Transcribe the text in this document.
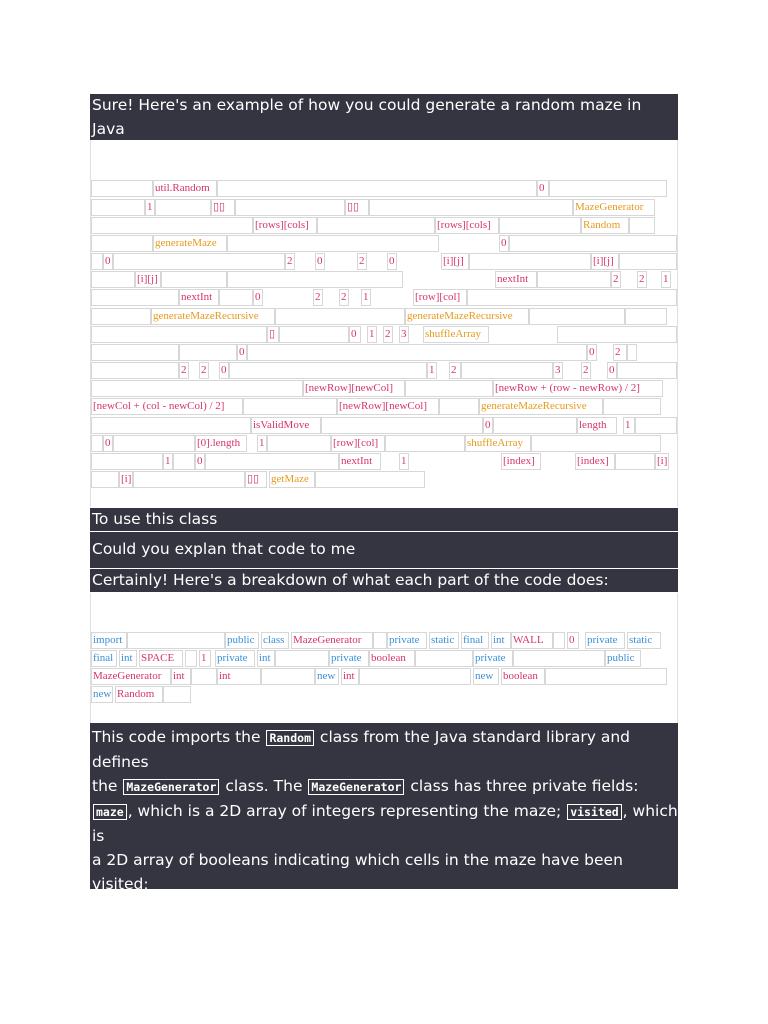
Sure! Here's an example of how you could generate a random maze in Java
util.Random	0
1	▯▯	▯▯	MazeGenerator
[rows][cols]	[rows][cols]	Random
generateMaze	0
0	2 0	2 0	[i][j]	[i][j]
[i][j]	nextInt	2 2 1
nextInt	0	2 2 1	[row][col]
generateMazeRecursive	generateMazeRecursive
▯	0	1 2 3 shuffleArray
0	0 2
2 2 0	1 2	3 2 0
[newRow][newCol]	[newRow + (row - newRow) / 2]
[newCol + (col - newCol) / 2]	[newRow][newCol]	generateMazeRecursive
isValidMove	0	length	1
0	[0].length	1	[row][col]	shuffleArray
1 0	nextInt	1	[index]	[index]	[i]
[i]	▯▯	getMaze
To use this class
Could you explan that code to me
Certainly! Here's a breakdown of what each part of the code does:
import	public class MazeGenerator	private	static final int WALL	0	private	static
final int SPACE	1 private	int	private boolean	private	public
MazeGenerator	int	int	new int	new boolean
new Random
This code imports the Random class from the Java standard library and defines
the MazeGenerator class. The MazeGenerator class has three private fields:
maze , which is a 2D array of integers representing the maze; visited , which is
a 2D array of booleans indicating which cells in the maze have been visited;
and random , which is an instance of the Random class that is used to generate
random numbers. The MazeGenerator class has a constructor that takes two
arguments: the number of rows and the number of columns in the maze. The
